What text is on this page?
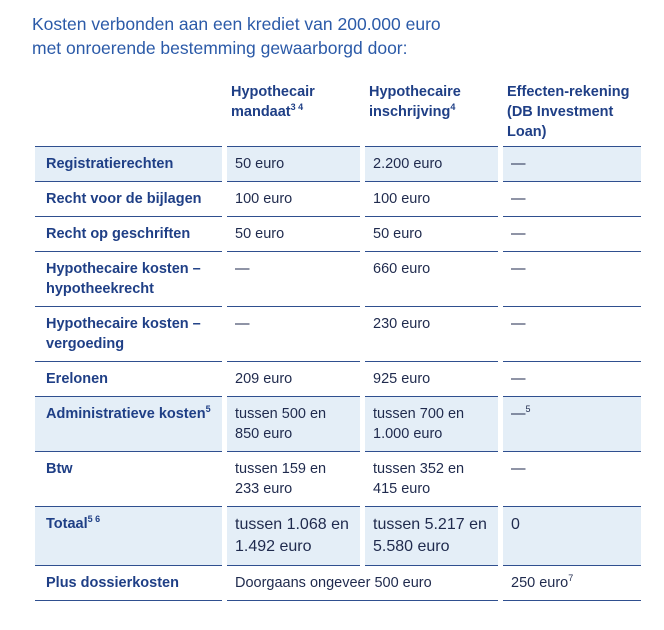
Kosten verbonden aan een krediet van 200.000 euro
met onroerende bestemming gewaarborgd door:
	Hypothecair mandaat$^{3 4}$	Hypothecaire inschrijving$^4$	Effecten-rekening (DB Investment Loan)
Registratierechten	50 euro	2.200 euro	—
Recht voor de bijlagen	100 euro	100 euro	—
Recht op geschriften	50 euro	50 euro	—
Hypothecaire kosten – hypotheekrecht	—	660 euro	—
Hypothecaire kosten – vergoeding	—	230 euro	—
Erelonen	209 euro	925 euro	—
Administratieve kosten$^5$	tussen 500 en 850 euro	tussen 700 en 1.000 euro	—$^5$
Btw	tussen 159 en 233 euro	tussen 352 en 415 euro	—
Totaal$^{5 6}$	tussen 1.068 en 1.492 euro	tussen 5.217 en 5.580 euro	0
Plus dossierkosten	Doorgaans ongeveer 500 euro		250 euro$^7$
